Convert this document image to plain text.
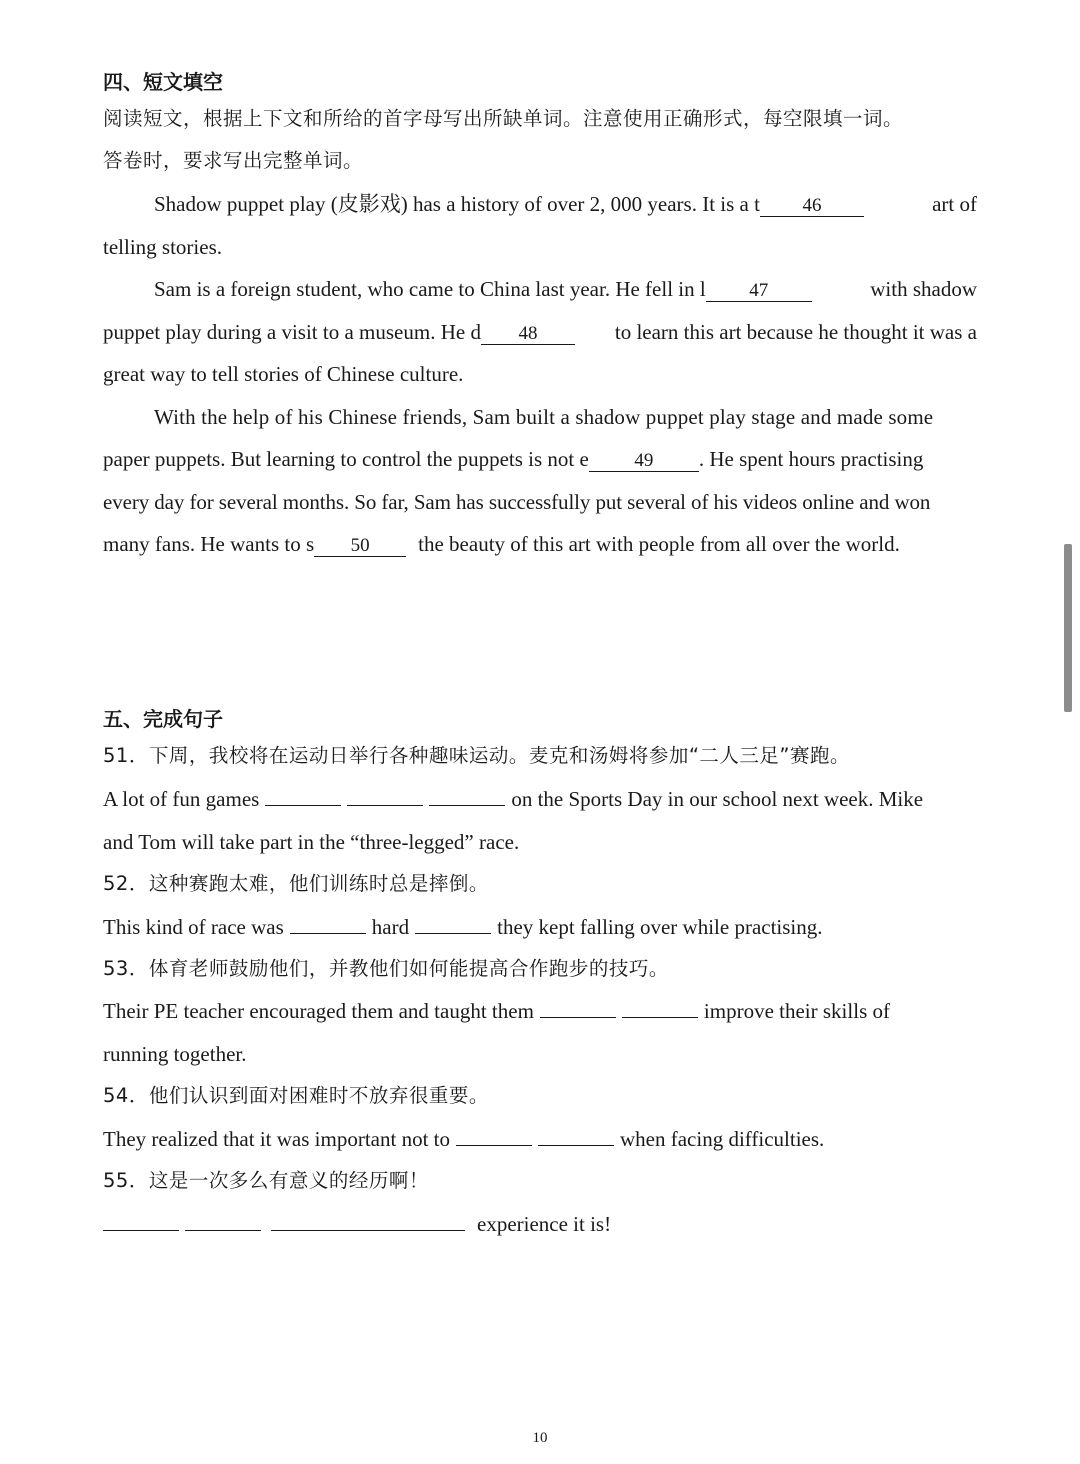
四、短文填空
阅读短文，根据上下文和所给的首字母写出所缺单词。注意使用正确形式，每空限填一词。
答卷时，要求写出完整单词。
Shadow puppet play (皮影戏) has a history of over 2, 000 years. It is a t 46	art of
telling stories.
Sam is a foreign student, who came to China last year. He fell in l 47	with shadow
puppet play during a visit to a museum. He d 48	to learn this art because he thought it was a
great way to tell stories of Chinese culture.
With the help of his Chinese friends, Sam built a shadow puppet play stage and made some
paper puppets. But learning to control the puppets is not e 49 . He spent hours practising
every day for several months. So far, Sam has successfully put several of his videos online and won
many fans. He wants to s 50 the beauty of this art with people from all over the world.
五、完成句子
51．下周，我校将在运动日举行各种趣味运动。麦克和汤姆将参加“二人三足”赛跑。
A lot of fun games	on the Sports Day in our school next week. Mike
and Tom will take part in the “three-legged” race.
52．这种赛跑太难，他们训练时总是摔倒。
This kind of race was	hard	they kept falling over while practising.
53．体育老师鼓励他们，并教他们如何能提高合作跑步的技巧。
Their PE teacher encouraged them and taught them	improve their skills of
running together.
54．他们认识到面对困难时不放弃很重要。
They realized that it was important not to	when facing difficulties.
55．这是一次多么有意义的经历啊！
experience it is!
10
